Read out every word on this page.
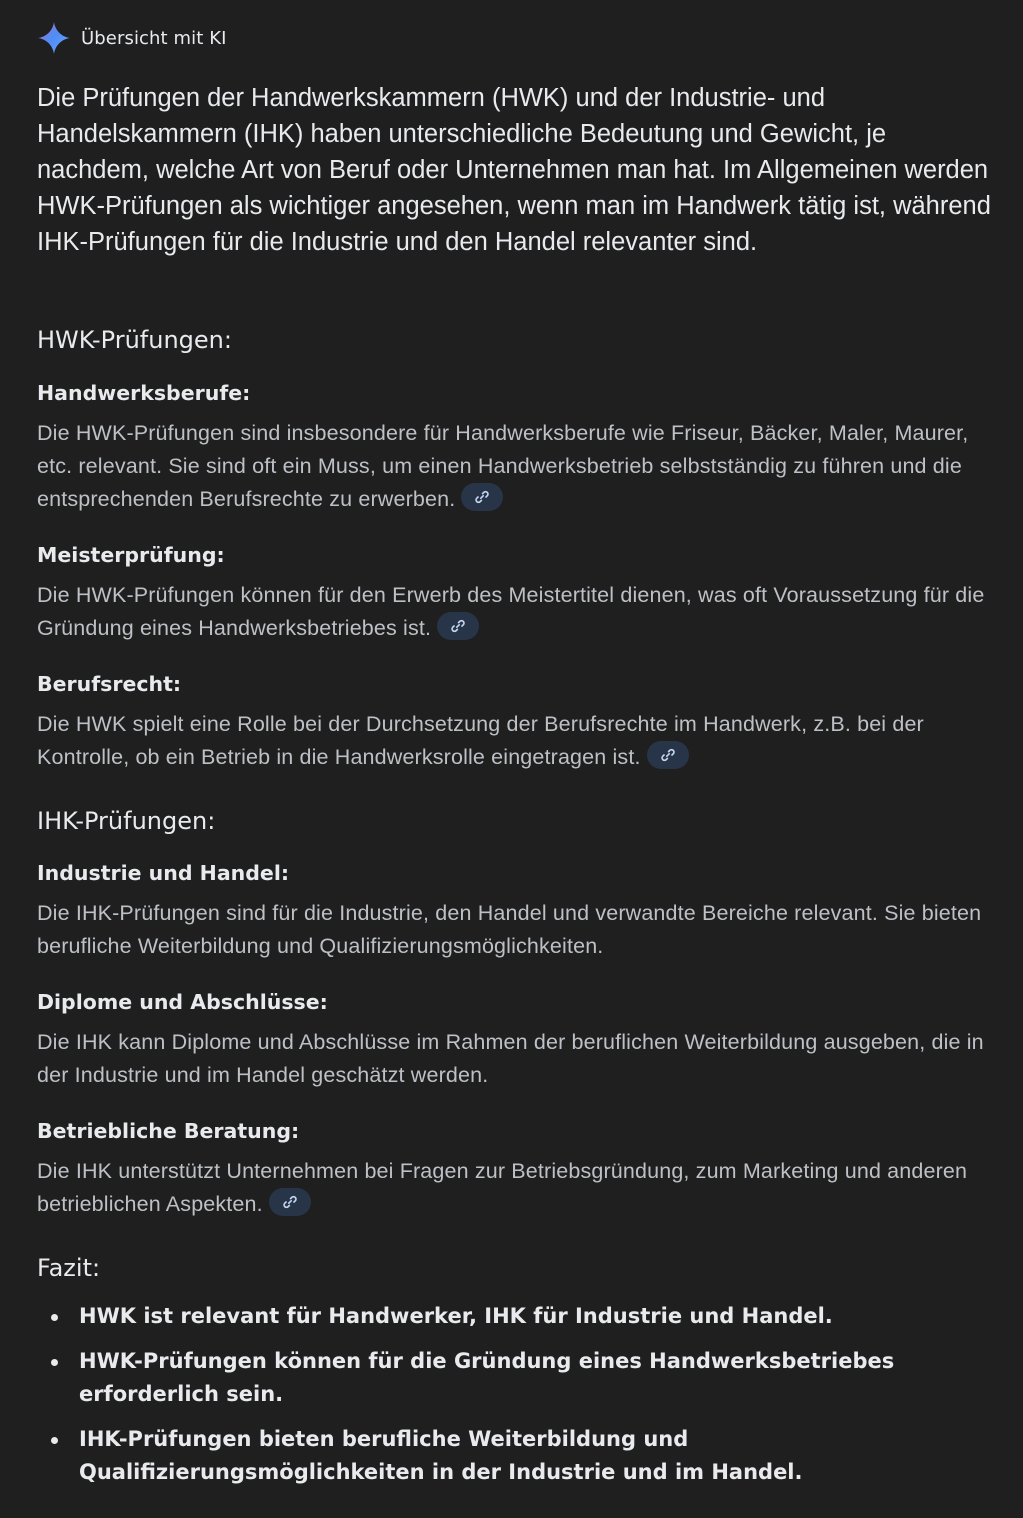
Übersicht mit KI

Die Prüfungen der Handwerkskammern (HWK) und der Industrie- und Handelskammern (IHK) haben unterschiedliche Bedeutung und Gewicht, je nachdem, welche Art von Beruf oder Unternehmen man hat. Im Allgemeinen werden HWK-Prüfungen als wichtiger angesehen, wenn man im Handwerk tätig ist, während IHK-Prüfungen für die Industrie und den Handel relevanter sind.

HWK-Prüfungen:
Handwerksberufe:

Die HWK-Prüfungen sind insbesondere für Handwerksberufe wie Friseur, Bäcker, Maler, Maurer, etc. relevant. Sie sind oft ein Muss, um einen Handwerksbetrieb selbstständig zu führen und die entsprechenden Berufsrechte zu erwerben.

Meisterprüfung:

Die HWK-Prüfungen können für den Erwerb des Meistertitel dienen, was oft Voraussetzung für die Gründung eines Handwerksbetriebes ist.

Berufsrecht:

Die HWK spielt eine Rolle bei der Durchsetzung der Berufsrechte im Handwerk, z.B. bei der Kontrolle, ob ein Betrieb in die Handwerksrolle eingetragen ist.

IHK-Prüfungen:
Industrie und Handel:

Die IHK-Prüfungen sind für die Industrie, den Handel und verwandte Bereiche relevant. Sie bieten berufliche Weiterbildung und Qualifizierungsmöglichkeiten.

Diplome und Abschlüsse:

Die IHK kann Diplome und Abschlüsse im Rahmen der beruflichen Weiterbildung ausgeben, die in der Industrie und im Handel geschätzt werden.

Betriebliche Beratung:

Die IHK unterstützt Unternehmen bei Fragen zur Betriebsgründung, zum Marketing und anderen betrieblichen Aspekten.

Fazit:
HWK ist relevant für Handwerker, IHK für Industrie und Handel.
HWK-Prüfungen können für die Gründung eines Handwerksbetriebes erforderlich sein.
IHK-Prüfungen bieten berufliche Weiterbildung und Qualifizierungsmöglichkeiten in der Industrie und im Handel.
